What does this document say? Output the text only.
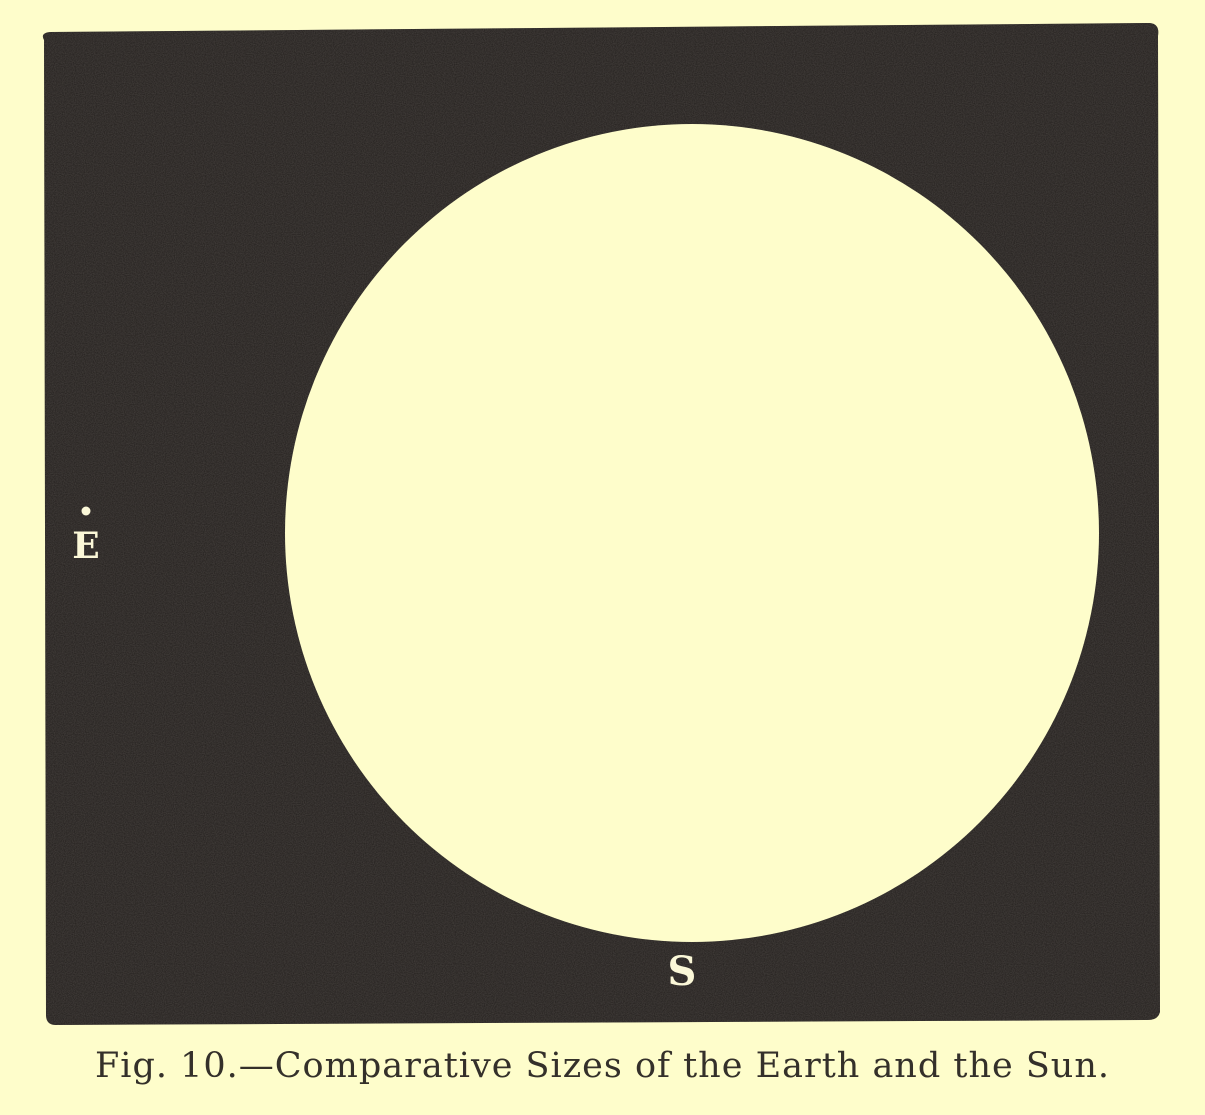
E
S
Fig. 10.—Comparative Sizes of the Earth and the Sun.
